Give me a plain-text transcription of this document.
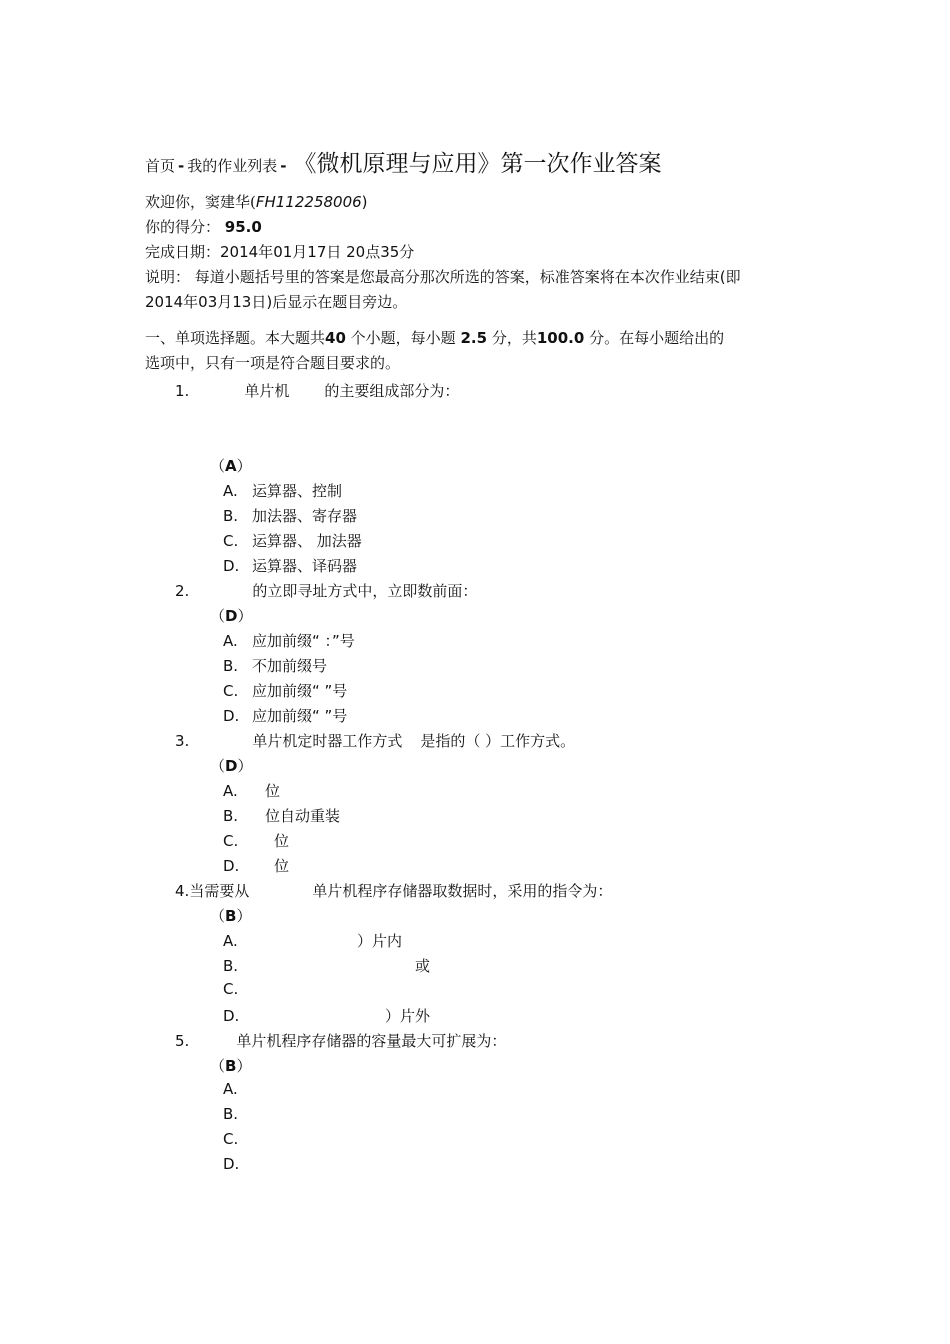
首页 - 我的作业列表 - 《微机原理与应用》第一次作业答案
欢迎你，窦建华(FH112258006)
你的得分： 95.0
完成日期：2014年01月17日 20点35分
说明： 每道小题括号里的答案是您最高分那次所选的答案，标准答案将在本次作业结束(即
2014年03月13日)后显示在题目旁边。
一、单项选择题。本大题共40 个小题，每小题 2.5 分，共100.0 分。在每小题给出的
选项中，只有一项是符合题目要求的。
1.	单片机 的主要组成部分为：
（A）
A. 运算器、控制
B. 加法器、寄存器
C. 运算器、 加法器
D. 运算器、译码器
2.	的立即寻址方式中，立即数前面：
（D）
A. 应加前缀“ ：”号
B. 不加前缀号
C. 应加前缀“ ”号
D. 应加前缀“ ”号
3.	单片机定时器工作方式 是指的（ ）工作方式。
（D）
A. 位
B. 位自动重装
C. 位
D. 位
4.当需要从	单片机程序存储器取数据时，采用的指令为：
（B）
A.	）片内
B.	或
C.
D.	）片外
5.	单片机程序存储器的容量最大可扩展为：
（B）
A.
B.
C.
D.
